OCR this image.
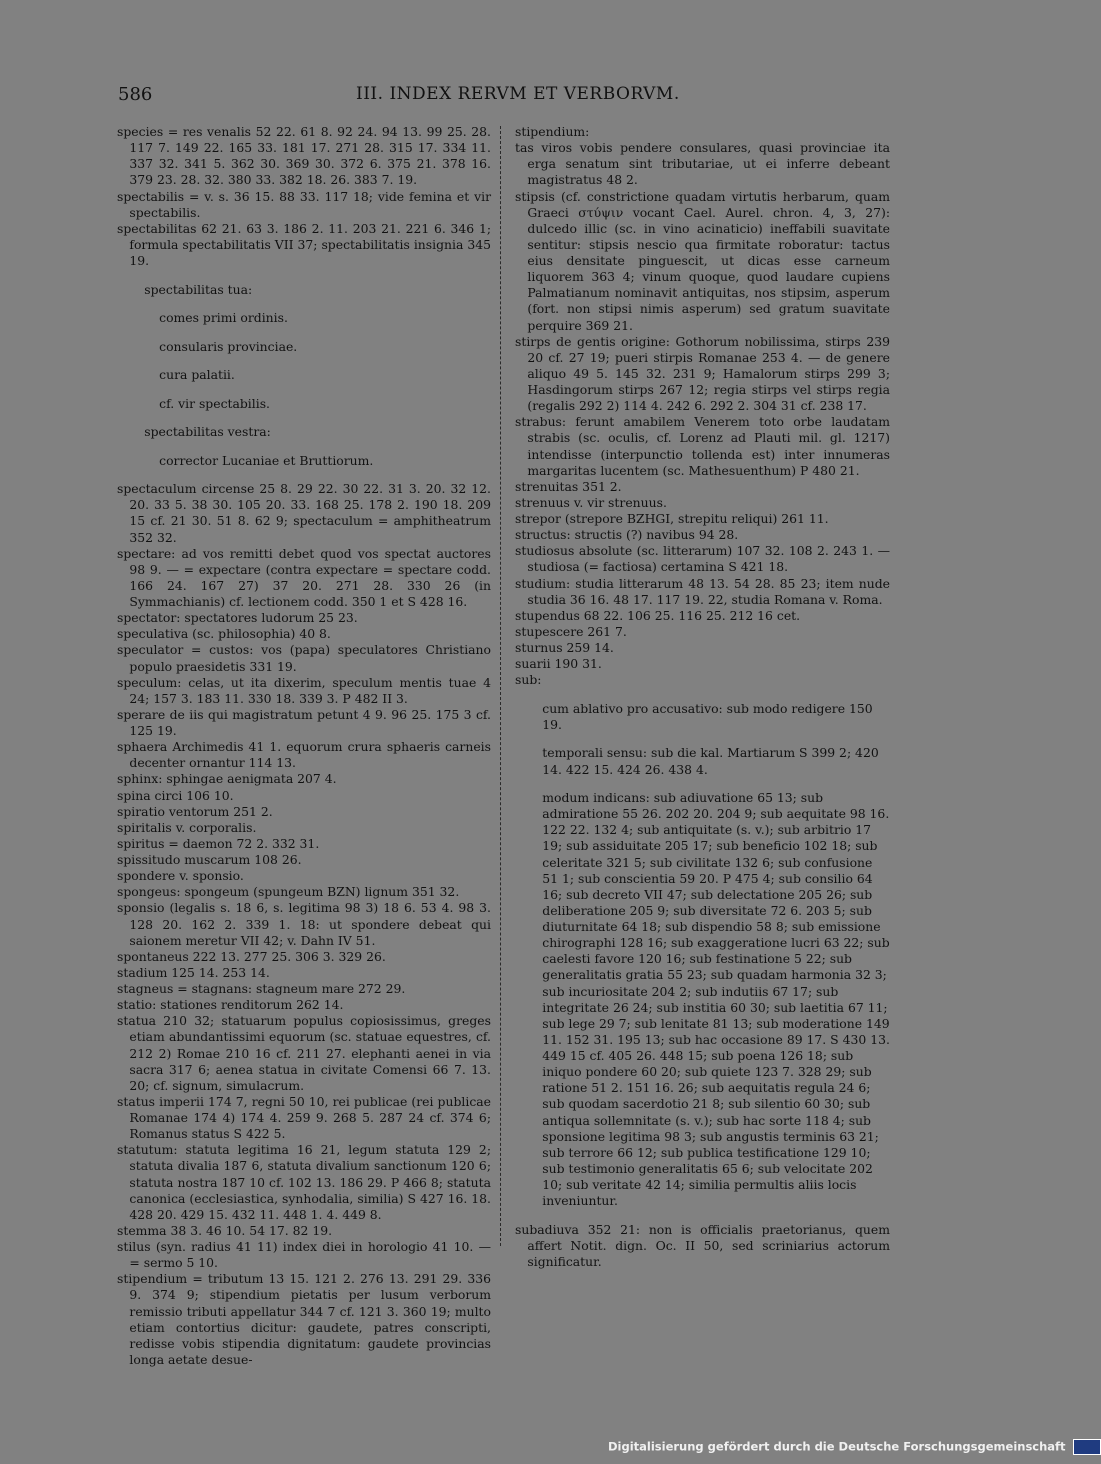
586	III. INDEX RERVM ET VERBORVM.

species = res venalis 52 22. 61 8. 92 24. 94 13. 99 25. 28. 117 7. 149 22. 165 33. 181 17. 271 28. 315 17. 334 11. 337 32. 341 5. 362 30. 369 30. 372 6. 375 21. 378 16. 379 23. 28. 32. 380 33. 382 18. 26. 383 7. 19.

spectabilis = v. s. 36 15. 88 33. 117 18; vide femina et vir spectabilis.

spectabilitas 62 21. 63 3. 186 2. 11. 203 21. 221 6. 346 1; formula spectabilitatis VII 37; spectabilitatis insignia 345 19.

spectabilitas tua:

comes primi ordinis.

consularis provinciae.

cura palatii.

cf. vir spectabilis.

spectabilitas vestra:

corrector Lucaniae et Bruttiorum.

spectaculum circense 25 8. 29 22. 30 22. 31 3. 20. 32 12. 20. 33 5. 38 30. 105 20. 33. 168 25. 178 2. 190 18. 209 15 cf. 21 30. 51 8. 62 9; spectaculum = amphitheatrum 352 32.

spectare: ad vos remitti debet quod vos spectat auctores 98 9. — = expectare (contra expectare = spectare codd. 166 24. 167 27) 37 20. 271 28. 330 26 (in Symmachianis) cf. lectionem codd. 350 1 et S 428 16.

spectator: spectatores ludorum 25 23.

speculativa (sc. philosophia) 40 8.

speculator = custos: vos (papa) speculatores Christiano populo praesidetis 331 19.

speculum: celas, ut ita dixerim, speculum mentis tuae 4 24; 157 3. 183 11. 330 18. 339 3. P 482 II 3.

sperare de iis qui magistratum petunt 4 9. 96 25. 175 3 cf. 125 19.

sphaera Archimedis 41 1. equorum crura sphaeris carneis decenter ornantur 114 13.

sphinx: sphingae aenigmata 207 4.

spina circi 106 10.

spiratio ventorum 251 2.

spiritalis v. corporalis.

spiritus = daemon 72 2. 332 31.

spissitudo muscarum 108 26.

spondere v. sponsio.

spongeus: spongeum (spungeum BZN) lignum 351 32.

sponsio (legalis s. 18 6, s. legitima 98 3) 18 6. 53 4. 98 3. 128 20. 162 2. 339 1. 18: ut spondere debeat qui saionem meretur VII 42; v. Dahn IV 51.

spontaneus 222 13. 277 25. 306 3. 329 26.

stadium 125 14. 253 14.

stagneus = stagnans: stagneum mare 272 29.

statio: stationes renditorum 262 14.

statua 210 32; statuarum populus copiosissimus, greges etiam abundantissimi equorum (sc. statuae equestres, cf. 212 2) Romae 210 16 cf. 211 27. elephanti aenei in via sacra 317 6; aenea statua in civitate Comensi 66 7. 13. 20; cf. signum, simulacrum.

status imperii 174 7, regni 50 10, rei publicae (rei publicae Romanae 174 4) 174 4. 259 9. 268 5. 287 24 cf. 374 6; Romanus status S 422 5.

statutum: statuta legitima 16 21, legum statuta 129 2; statuta divalia 187 6, statuta divalium sanctionum 120 6; statuta nostra 187 10 cf. 102 13. 186 29. P 466 8; statuta canonica (ecclesiastica, synhodalia, similia) S 427 16. 18. 428 20. 429 15. 432 11. 448 1. 4. 449 8.

stemma 38 3. 46 10. 54 17. 82 19.

stilus (syn. radius 41 11) index diei in horologio 41 10. — = sermo 5 10.

stipendium = tributum 13 15. 121 2. 276 13. 291 29. 336 9. 374 9; stipendium pietatis per lusum verborum remissio tributi appellatur 344 7 cf. 121 3. 360 19; multo etiam contortius dicitur: gaudete, patres conscripti, redisse vobis stipendia dignitatum: gaudete provincias longa aetate desue-

stipendium:

tas viros vobis pendere consulares, quasi provinciae ita erga senatum sint tributariae, ut ei inferre debeant magistratus 48 2.

stipsis (cf. constrictione quadam virtutis herbarum, quam Graeci στύψιν vocant Cael. Aurel. chron. 4, 3, 27): dulcedo illic (sc. in vino acinaticio) ineffabili suavitate sentitur: stipsis nescio qua firmitate roboratur: tactus eius densitate pinguescit, ut dicas esse carneum liquorem 363 4; vinum quoque, quod laudare cupiens Palmatianum nominavit antiquitas, nos stipsim, asperum (fort. non stipsi nimis asperum) sed gratum suavitate perquire 369 21.

stirps de gentis origine: Gothorum nobilissima, stirps 239 20 cf. 27 19; pueri stirpis Romanae 253 4. — de genere aliquo 49 5. 145 32. 231 9; Hamalorum stirps 299 3; Hasdingorum stirps 267 12; regia stirps vel stirps regia (regalis 292 2) 114 4. 242 6. 292 2. 304 31 cf. 238 17.

strabus: ferunt amabilem Venerem toto orbe laudatam strabis (sc. oculis, cf. Lorenz ad Plauti mil. gl. 1217) intendisse (interpunctio tollenda est) inter innumeras margaritas lucentem (sc. Mathesuenthum) P 480 21.

strenuitas 351 2.

strenuus v. vir strenuus.

strepor (strepore BZHGI, strepitu reliqui) 261 11.

structus: structis (?) navibus 94 28.

studiosus absolute (sc. litterarum) 107 32. 108 2. 243 1. — studiosa (= factiosa) certamina S 421 18.

studium: studia litterarum 48 13. 54 28. 85 23; item nude studia 36 16. 48 17. 117 19. 22, studia Romana v. Roma.

stupendus 68 22. 106 25. 116 25. 212 16 cet.

stupescere 261 7.

sturnus 259 14.

suarii 190 31.

sub:

cum ablativo pro accusativo: sub modo redigere 150 19.

temporali sensu: sub die kal. Martiarum S 399 2; 420 14. 422 15. 424 26. 438 4.

modum indicans: sub adiuvatione 65 13; sub admiratione 55 26. 202 20. 204 9; sub aequitate 98 16. 122 22. 132 4; sub antiquitate (s. v.); sub arbitrio 17 19; sub assiduitate 205 17; sub beneficio 102 18; sub celeritate 321 5; sub civilitate 132 6; sub confusione 51 1; sub conscientia 59 20. P 475 4; sub consilio 64 16; sub decreto VII 47; sub delectatione 205 26; sub deliberatione 205 9; sub diversitate 72 6. 203 5; sub diuturnitate 64 18; sub dispendio 58 8; sub emissione chirographi 128 16; sub exaggeratione lucri 63 22; sub caelesti favore 120 16; sub festinatione 5 22; sub generalitatis gratia 55 23; sub quadam harmonia 32 3; sub incuriositate 204 2; sub indutiis 67 17; sub integritate 26 24; sub institia 60 30; sub laetitia 67 11; sub lege 29 7; sub lenitate 81 13; sub moderatione 149 11. 152 31. 195 13; sub hac occasione 89 17. S 430 13. 449 15 cf. 405 26. 448 15; sub poena 126 18; sub iniquo pondere 60 20; sub quiete 123 7. 328 29; sub ratione 51 2. 151 16. 26; sub aequitatis regula 24 6; sub quodam sacerdotio 21 8; sub silentio 60 30; sub antiqua sollemnitate (s. v.); sub hac sorte 118 4; sub sponsione legitima 98 3; sub angustis terminis 63 21; sub terrore 66 12; sub publica testificatione 129 10; sub testimonio generalitatis 65 6; sub velocitate 202 10; sub veritate 42 14; similia permultis aliis locis inveniuntur.

subadiuva 352 21: non is officialis praetorianus, quem affert Notit. dign. Oc. II 50, sed scriniarius actorum significatur.

Digitalisierung gefördert durch die Deutsche Forschungsgemeinschaft
